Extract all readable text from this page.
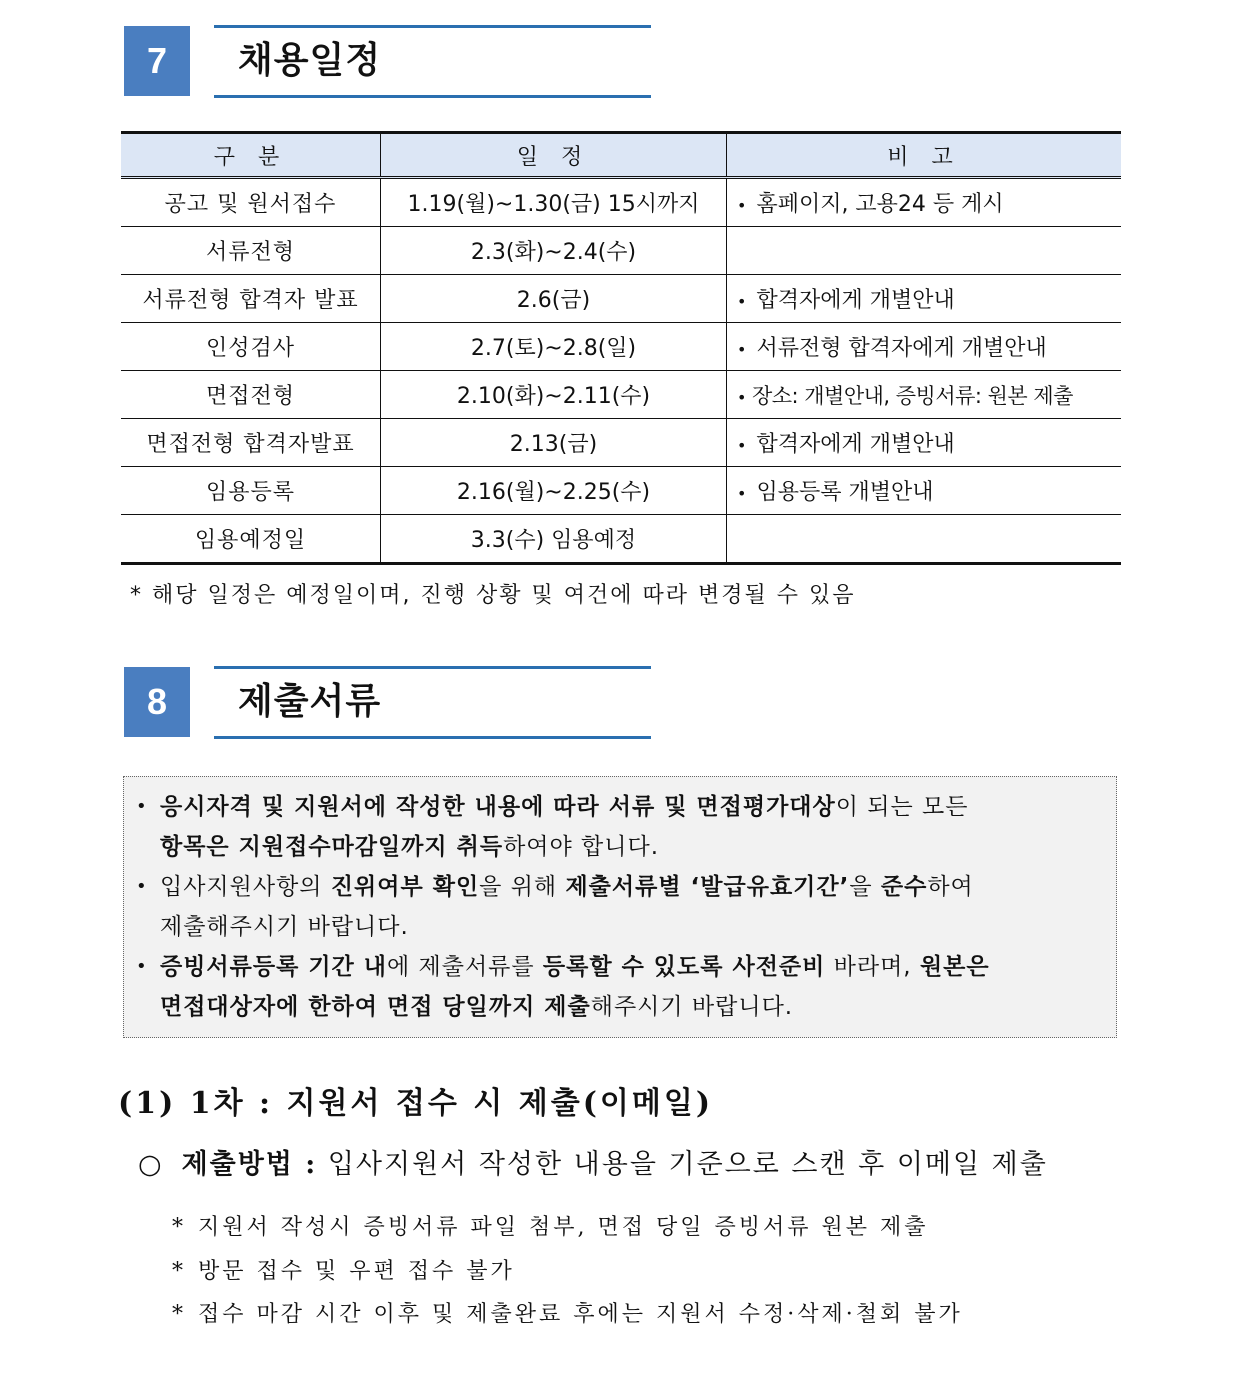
7	채용일정
구 분	일 정	비 고
공고 및 원서접수	1.19(월)~1.30(금) 15시까지	• 홈페이지, 고용24 등 게시
서류전형	2.3(화)~2.4(수)	
서류전형 합격자 발표	2.6(금)	• 합격자에게 개별안내
인성검사	2.7(토)~2.8(일)	• 서류전형 합격자에게 개별안내
면접전형	2.10(화)~2.11(수)	• 장소: 개별안내, 증빙서류: 원본 제출
면접전형 합격자발표	2.13(금)	• 합격자에게 개별안내
임용등록	2.16(월)~2.25(수)	• 임용등록 개별안내
임용예정일	3.3(수) 임용예정	
* 해당 일정은 예정일이며, 진행 상황 및 여건에 따라 변경될 수 있음
8	제출서류
• 응시자격 및 지원서에 작성한 내용에 따라 서류 및 면접평가대상이 되는 모든
항목은 지원접수마감일까지 취득하여야 합니다.
• 입사지원사항의 진위여부 확인을 위해 제출서류별 ‘발급유효기간’을 준수하여
제출해주시기 바랍니다.
• 증빙서류등록 기간 내에 제출서류를 등록할 수 있도록 사전준비 바라며, 원본은
면접대상자에 한하여 면접 당일까지 제출해주시기 바랍니다.
(1) 1차 : 지원서 접수 시 제출(이메일)
○ 제출방법 : 입사지원서 작성한 내용을 기준으로 스캔 후 이메일 제출
* 지원서 작성시 증빙서류 파일 첨부, 면접 당일 증빙서류 원본 제출
* 방문 접수 및 우편 접수 불가
* 접수 마감 시간 이후 및 제출완료 후에는 지원서 수정·삭제·철회 불가
